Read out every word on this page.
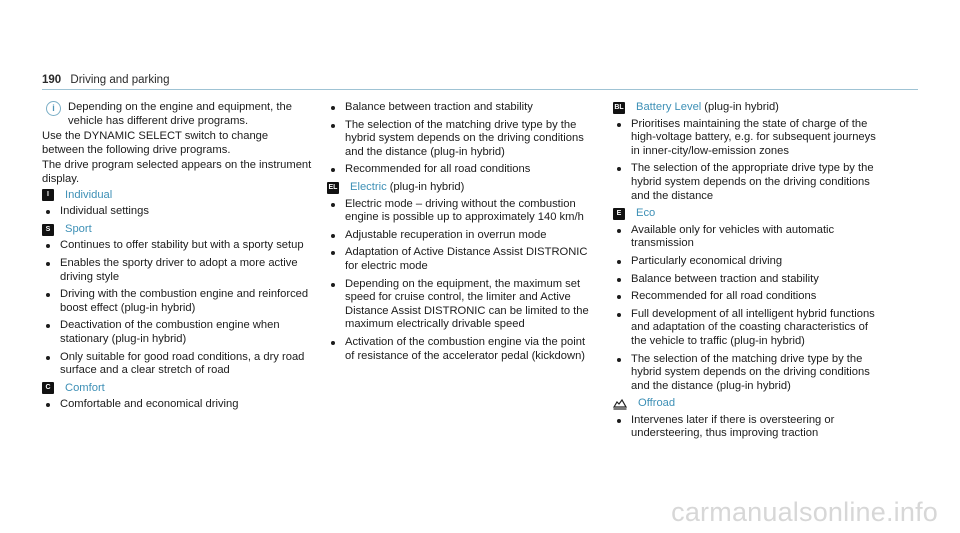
190 Driving and parking
i	Depending on the engine and equipment, the vehicle has different drive programs.
Use the DYNAMIC SELECT switch to change between the following drive programs.
The drive program selected appears on the instrument display.
I	Individual
Individual settings
S	Sport
Continues to offer stability but with a sporty setup
Enables the sporty driver to adopt a more active driving style
Driving with the combustion engine and reinforced boost effect (plug-in hybrid)
Deactivation of the combustion engine when stationary (plug-in hybrid)
Only suitable for good road conditions, a dry road surface and a clear stretch of road
C	Comfort
Comfortable and economical driving
Balance between traction and stability
The selection of the matching drive type by the hybrid system depends on the driving conditions and the distance (plug-in hybrid)
Recommended for all road conditions
EL Electric (plug-in hybrid)
Electric mode – driving without the combustion engine is possible up to approximately 140 km/h
Adjustable recuperation in overrun mode
Adaptation of Active Distance Assist DISTRONIC for electric mode
Depending on the equipment, the maximum set speed for cruise control, the limiter and Active Distance Assist DISTRONIC can be limited to the maximum electrically drivable speed
Activation of the combustion engine via the point of resistance of the accelerator pedal (kickdown)
BL Battery Level (plug-in hybrid)
Prioritises maintaining the state of charge of the high-voltage battery, e.g. for subsequent journeys in inner-city/low-emission zones
The selection of the appropriate drive type by the hybrid system depends on the driving conditions and the distance
E	Eco
Available only for vehicles with automatic transmission
Particularly economical driving
Balance between traction and stability
Recommended for all road conditions
Full development of all intelligent hybrid functions and adaptation of the coasting characteristics of the vehicle to traffic (plug-in hybrid)
The selection of the matching drive type by the hybrid system depends on the driving conditions and the distance (plug-in hybrid)
Offroad
Intervenes later if there is oversteering or understeering, thus improving traction
carmanualsonline.info
